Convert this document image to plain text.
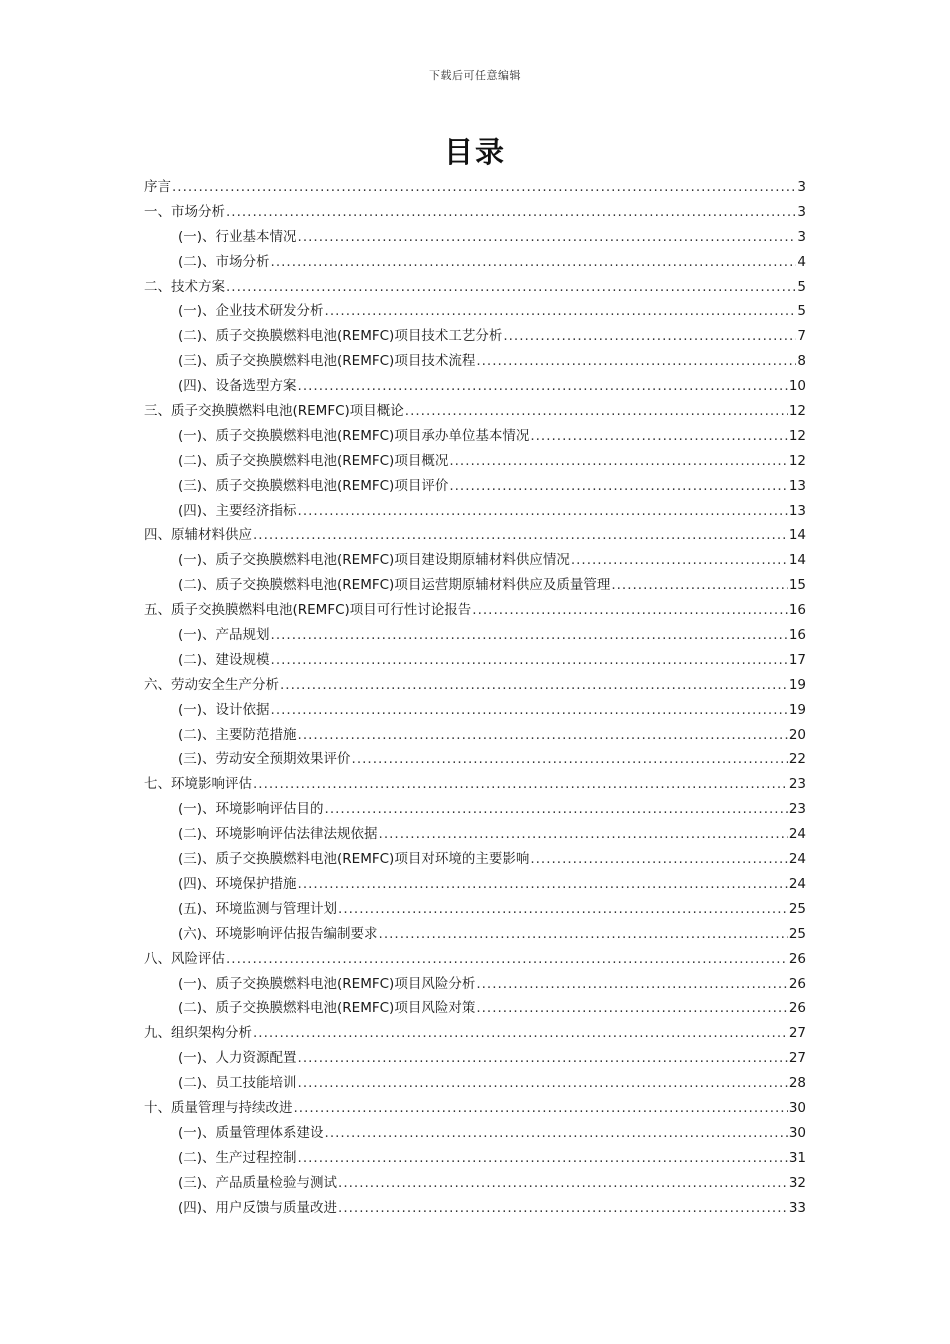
下载后可任意编辑
目录
序言 .....	3
一、市场分析 .....	3
(一)、行业基本情况 .....	3
(二)、市场分析 .....	4
二、技术方案 .....	5
(一)、企业技术研发分析 .....	5
(二)、质子交换膜燃料电池(REMFC)项目技术工艺分析 .....	7
(三)、质子交换膜燃料电池(REMFC)项目技术流程 .....	8
(四)、设备选型方案 .....	10
三、质子交换膜燃料电池(REMFC)项目概论 .....	12
(一)、质子交换膜燃料电池(REMFC)项目承办单位基本情况 .....	12
(二)、质子交换膜燃料电池(REMFC)项目概况 .....	12
(三)、质子交换膜燃料电池(REMFC)项目评价 .....	13
(四)、主要经济指标 .....	13
四、原辅材料供应 .....	14
(一)、质子交换膜燃料电池(REMFC)项目建设期原辅材料供应情况 .....	14
(二)、质子交换膜燃料电池(REMFC)项目运营期原辅材料供应及质量管理 .....	15
五、质子交换膜燃料电池(REMFC)项目可行性讨论报告 .....	16
(一)、产品规划 .....	16
(二)、建设规模 .....	17
六、劳动安全生产分析 .....	19
(一)、设计依据 .....	19
(二)、主要防范措施 .....	20
(三)、劳动安全预期效果评价 .....	22
七、环境影响评估 .....	23
(一)、环境影响评估目的 .....	23
(二)、环境影响评估法律法规依据 .....	24
(三)、质子交换膜燃料电池(REMFC)项目对环境的主要影响 .....	24
(四)、环境保护措施 .....	24
(五)、环境监测与管理计划 .....	25
(六)、环境影响评估报告编制要求 .....	25
八、风险评估 .....	26
(一)、质子交换膜燃料电池(REMFC)项目风险分析 .....	26
(二)、质子交换膜燃料电池(REMFC)项目风险对策 .....	26
九、组织架构分析 .....	27
(一)、人力资源配置 .....	27
(二)、员工技能培训 .....	28
十、质量管理与持续改进 .....	30
(一)、质量管理体系建设 .....	30
(二)、生产过程控制 .....	31
(三)、产品质量检验与测试 .....	32
(四)、用户反馈与质量改进 .....	33
